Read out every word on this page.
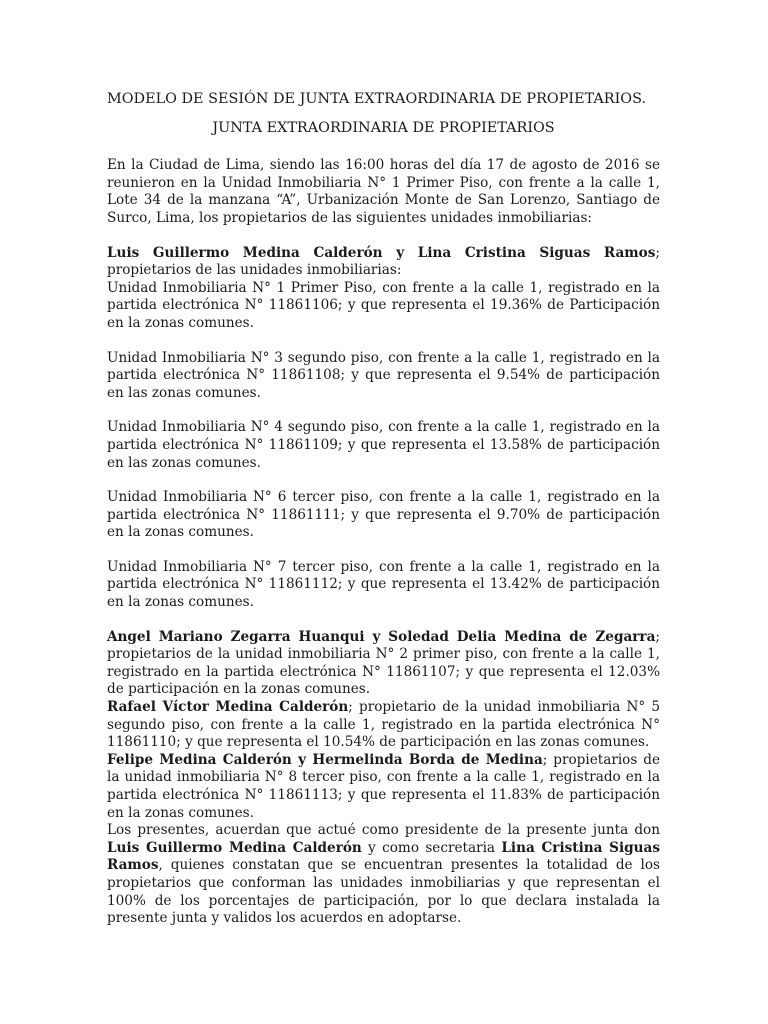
MODELO DE SESIÓN DE JUNTA EXTRAORDINARIA DE PROPIETARIOS.
JUNTA EXTRAORDINARIA DE PROPIETARIOS

En la Ciudad de Lima, siendo las 16:00 horas del día 17 de agosto de 2016 se reunieron en la Unidad Inmobiliaria N° 1 Primer Piso, con frente a la calle 1, Lote 34 de la manzana “A”, Urbanización Monte de San Lorenzo, Santiago de Surco, Lima, los propietarios de las siguientes unidades inmobiliarias:

Luis Guillermo Medina Calderón y Lina Cristina Siguas Ramos; propietarios de las unidades inmobiliarias:

Unidad Inmobiliaria N° 1 Primer Piso, con frente a la calle 1, registrado en la partida electrónica N° 11861106; y que representa el 19.36% de Participación en la zonas comunes.

Unidad Inmobiliaria N° 3 segundo piso, con frente a la calle 1, registrado en la partida electrónica N° 11861108; y que representa el 9.54% de participación en las zonas comunes.

Unidad Inmobiliaria N° 4 segundo piso, con frente a la calle 1, registrado en la partida electrónica N° 11861109; y que representa el 13.58% de participación en las zonas comunes.

Unidad Inmobiliaria N° 6 tercer piso, con frente a la calle 1, registrado en la partida electrónica N° 11861111; y que representa el 9.70% de participación en la zonas comunes.

Unidad Inmobiliaria N° 7 tercer piso, con frente a la calle 1, registrado en la partida electrónica N° 11861112; y que representa el 13.42% de participación en la zonas comunes.

Angel Mariano Zegarra Huanqui y Soledad Delia Medina de Zegarra; propietarios de la unidad inmobiliaria N° 2 primer piso, con frente a la calle 1, registrado en la partida electrónica N° 11861107; y que representa el 12.03% de participación en la zonas comunes.

Rafael Víctor Medina Calderón; propietario de la unidad inmobiliaria N° 5 segundo piso, con frente a la calle 1, registrado en la partida electrónica N° 11861110; y que representa el 10.54% de participación en las zonas comunes.

Felipe Medina Calderón y Hermelinda Borda de Medina; propietarios de la unidad inmobiliaria N° 8 tercer piso, con frente a la calle 1, registrado en la partida electrónica N° 11861113; y que representa el 11.83% de participación en la zonas comunes.

Los presentes, acuerdan que actué como presidente de la presente junta don Luis Guillermo Medina Calderón y como secretaria Lina Cristina Siguas Ramos, quienes constatan que se encuentran presentes la totalidad de los propietarios que conforman las unidades inmobiliarias y que representan el 100% de los porcentajes de participación, por lo que declara instalada la presente junta y validos los acuerdos en adoptarse.
